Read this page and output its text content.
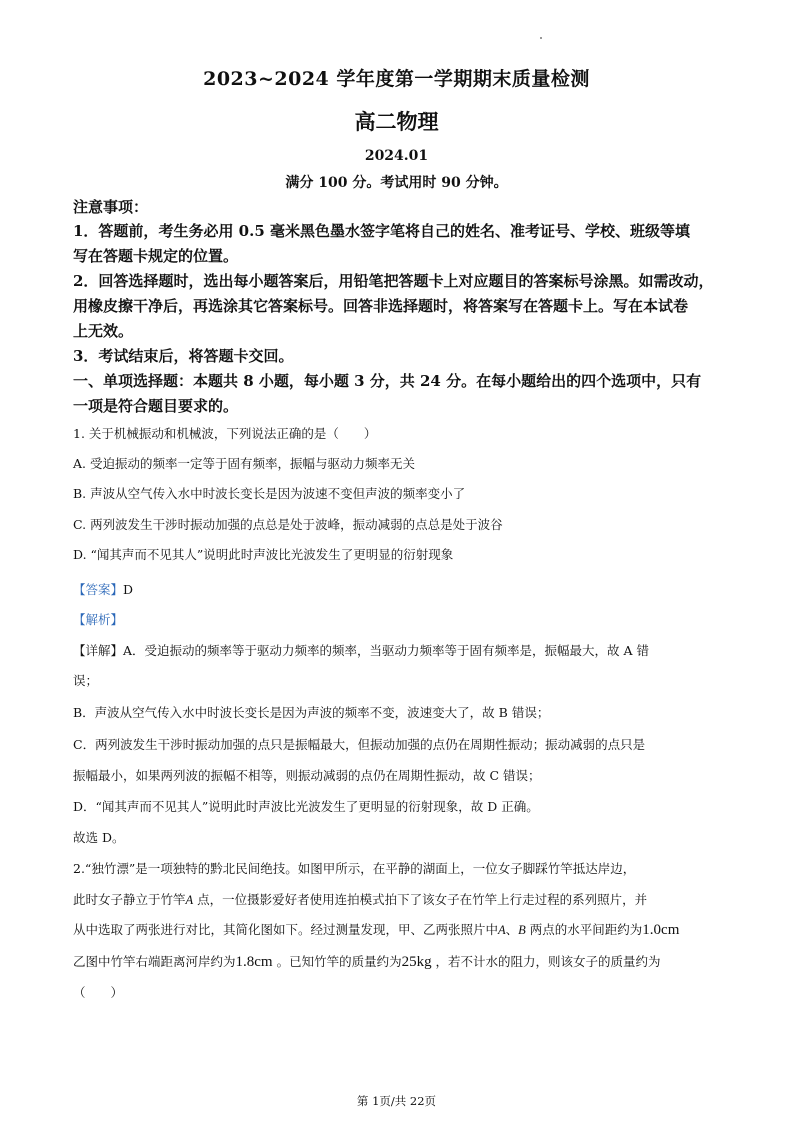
2023~2024 学年度第一学期期末质量检测
高二物理
2024.01
满分 100 分。考试用时 90 分钟。
注意事项：
1．答题前，考生务必用 0.5 毫米黑色墨水签字笔将自己的姓名、准考证号、学校、班级等填
写在答题卡规定的位置。
2．回答选择题时，选出每小题答案后，用铅笔把答题卡上对应题目的答案标号涂黑。如需改动，
用橡皮擦干净后，再选涂其它答案标号。回答非选择题时，将答案写在答题卡上。写在本试卷
上无效。
3．考试结束后，将答题卡交回。
一、单项选择题：本题共 8 小题，每小题 3 分，共 24 分。在每小题给出的四个选项中，只有
一项是符合题目要求的。
1. 关于机械振动和机械波，下列说法正确的是（　　）
A. 受迫振动的频率一定等于固有频率，振幅与驱动力频率无关
B. 声波从空气传入水中时波长变长是因为波速不变但声波的频率变小了
C. 两列波发生干涉时振动加强的点总是处于波峰，振动减弱的点总是处于波谷
D. “闻其声而不见其人”说明此时声波比光波发生了更明显的衍射现象
【答案】D
【解析】
【详解】A．受迫振动的频率等于驱动力频率的频率，当驱动力频率等于固有频率是，振幅最大，故 A 错
误；
B．声波从空气传入水中时波长变长是因为声波的频率不变，波速变大了，故 B 错误；
C．两列波发生干涉时振动加强的点只是振幅最大，但振动加强的点仍在周期性振动；振动减弱的点只是
振幅最小，如果两列波的振幅不相等，则振动减弱的点仍在周期性振动，故 C 错误；
D．“闻其声而不见其人”说明此时声波比光波发生了更明显的衍射现象，故 D 正确。
故选 D。
2.“独竹漂”是一项独特的黔北民间绝技。如图甲所示，在平静的湖面上，一位女子脚踩竹竿抵达岸边，
此时女子静立于竹竿A 点，一位摄影爱好者使用连拍模式拍下了该女子在竹竿上行走过程的系列照片，并
从中选取了两张进行对比，其简化图如下。经过测量发现，甲、乙两张照片中A、B 两点的水平间距约为1.0cm
乙图中竹竿右端距离河岸约为1.8cm 。已知竹竿的质量约为25kg ，若不计水的阻力，则该女子的质量约为
（　　）
第 1页/共 22页
